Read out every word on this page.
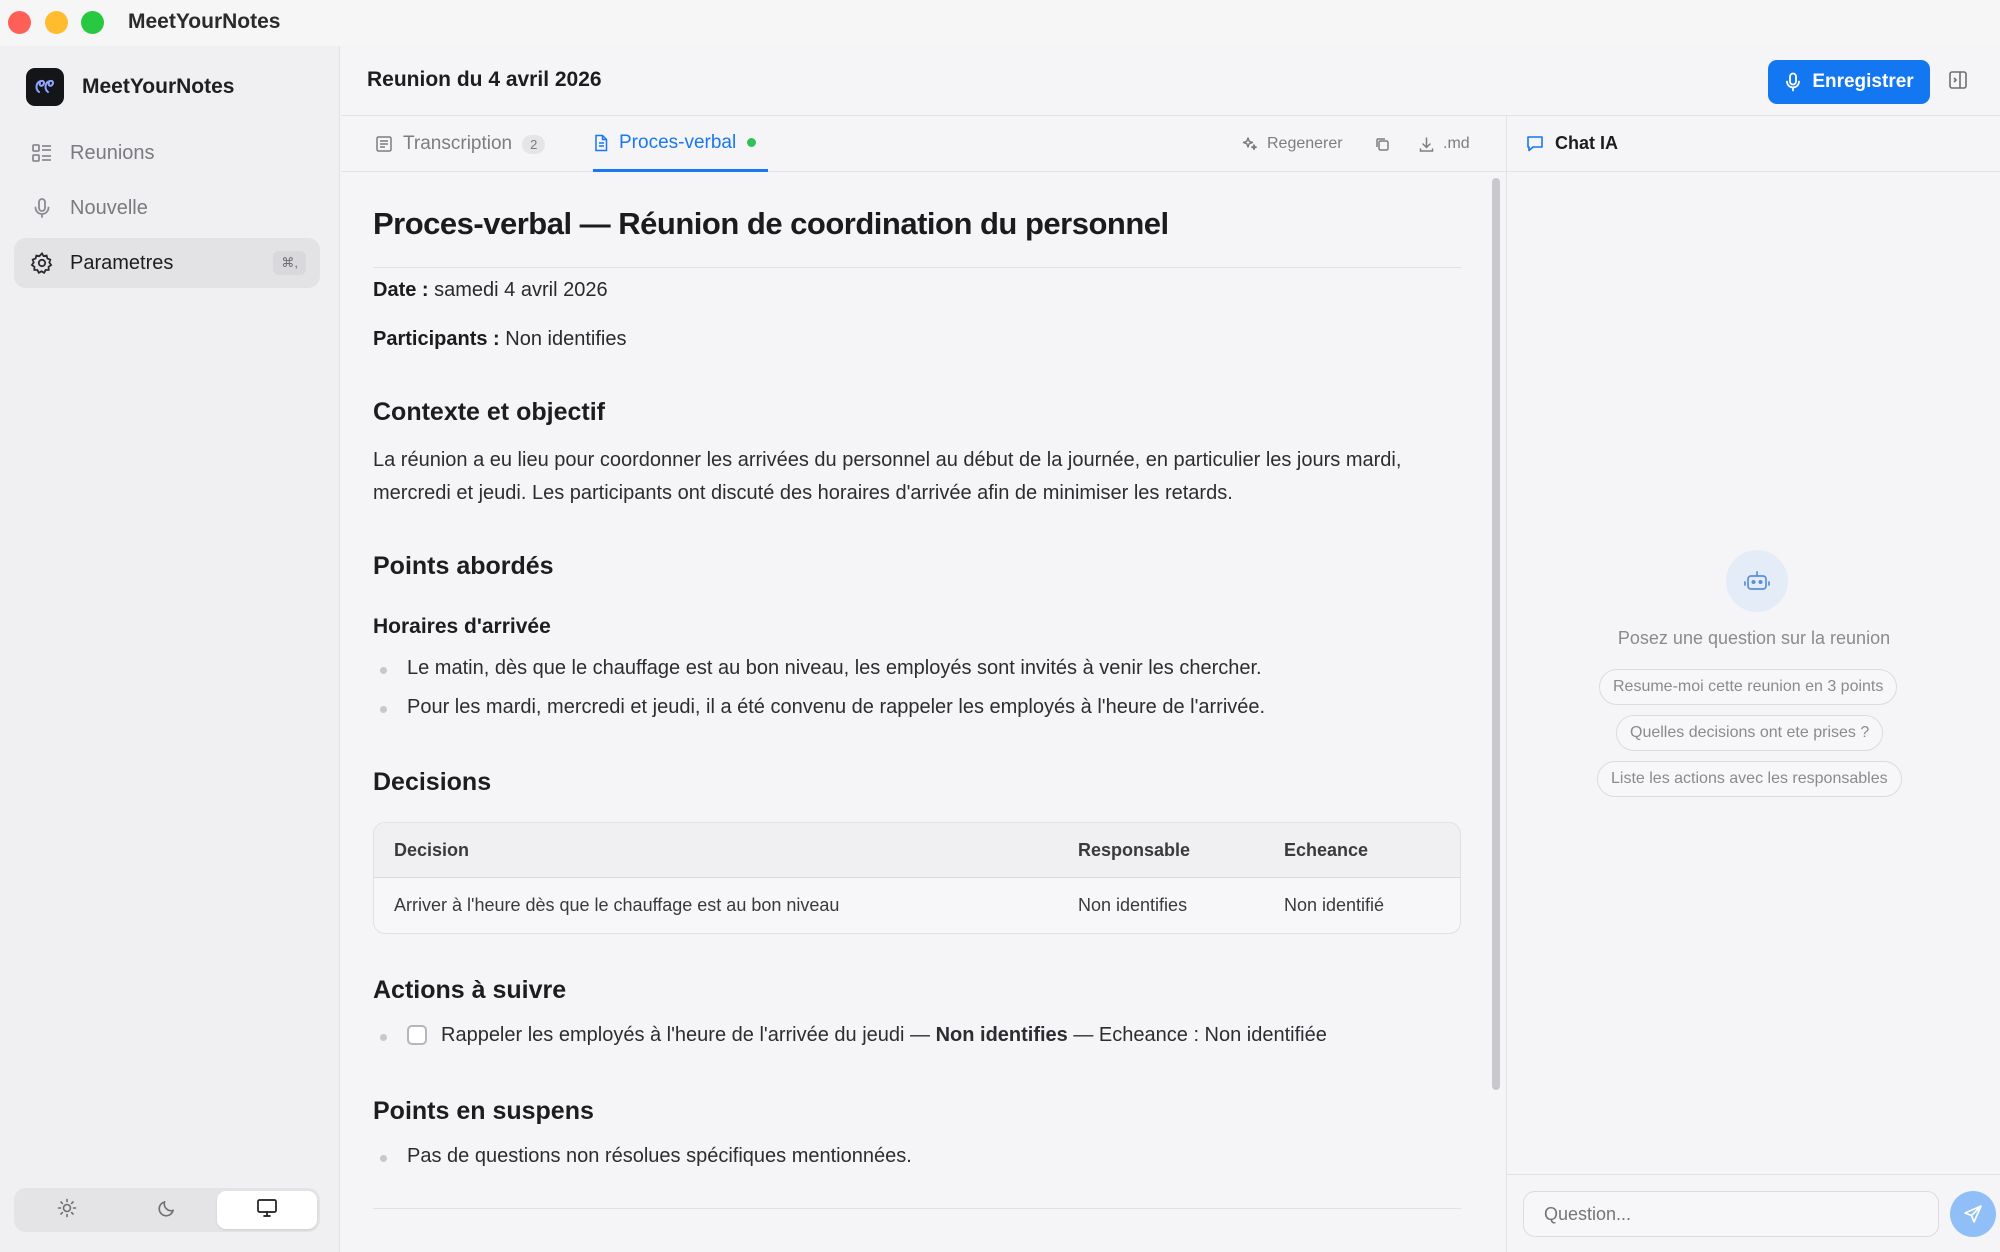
MeetYourNotes
MeetYourNotes
Reunions
Nouvelle
Parametres	⌘,
Reunion du 4 avril 2026	Enregistrer
Transcription	2	Proces-verbal	Regenerer	.md
Proces-verbal — Réunion de coordination du personnel
Date : samedi 4 avril 2026
Participants : Non identifies
Contexte et objectif
La réunion a eu lieu pour coordonner les arrivées du personnel au début de la journée, en particulier les jours mardi, mercredi et jeudi. Les participants ont discuté des horaires d'arrivée afin de minimiser les retards.
Points abordés
Horaires d'arrivée
Le matin, dès que le chauffage est au bon niveau, les employés sont invités à venir les chercher.
Pour les mardi, mercredi et jeudi, il a été convenu de rappeler les employés à l'heure de l'arrivée.
Decisions
Decision	Responsable	Echeance
Arriver à l'heure dès que le chauffage est au bon niveau	Non identifies	Non identifié
Actions à suivre
Rappeler les employés à l'heure de l'arrivée du jeudi — Non identifies — Echeance : Non identifiée
Points en suspens
Pas de questions non résolues spécifiques mentionnées.
Chat IA
Posez une question sur la reunion
Resume-moi cette reunion en 3 points
Quelles decisions ont ete prises ?
Liste les actions avec les responsables
Question...
